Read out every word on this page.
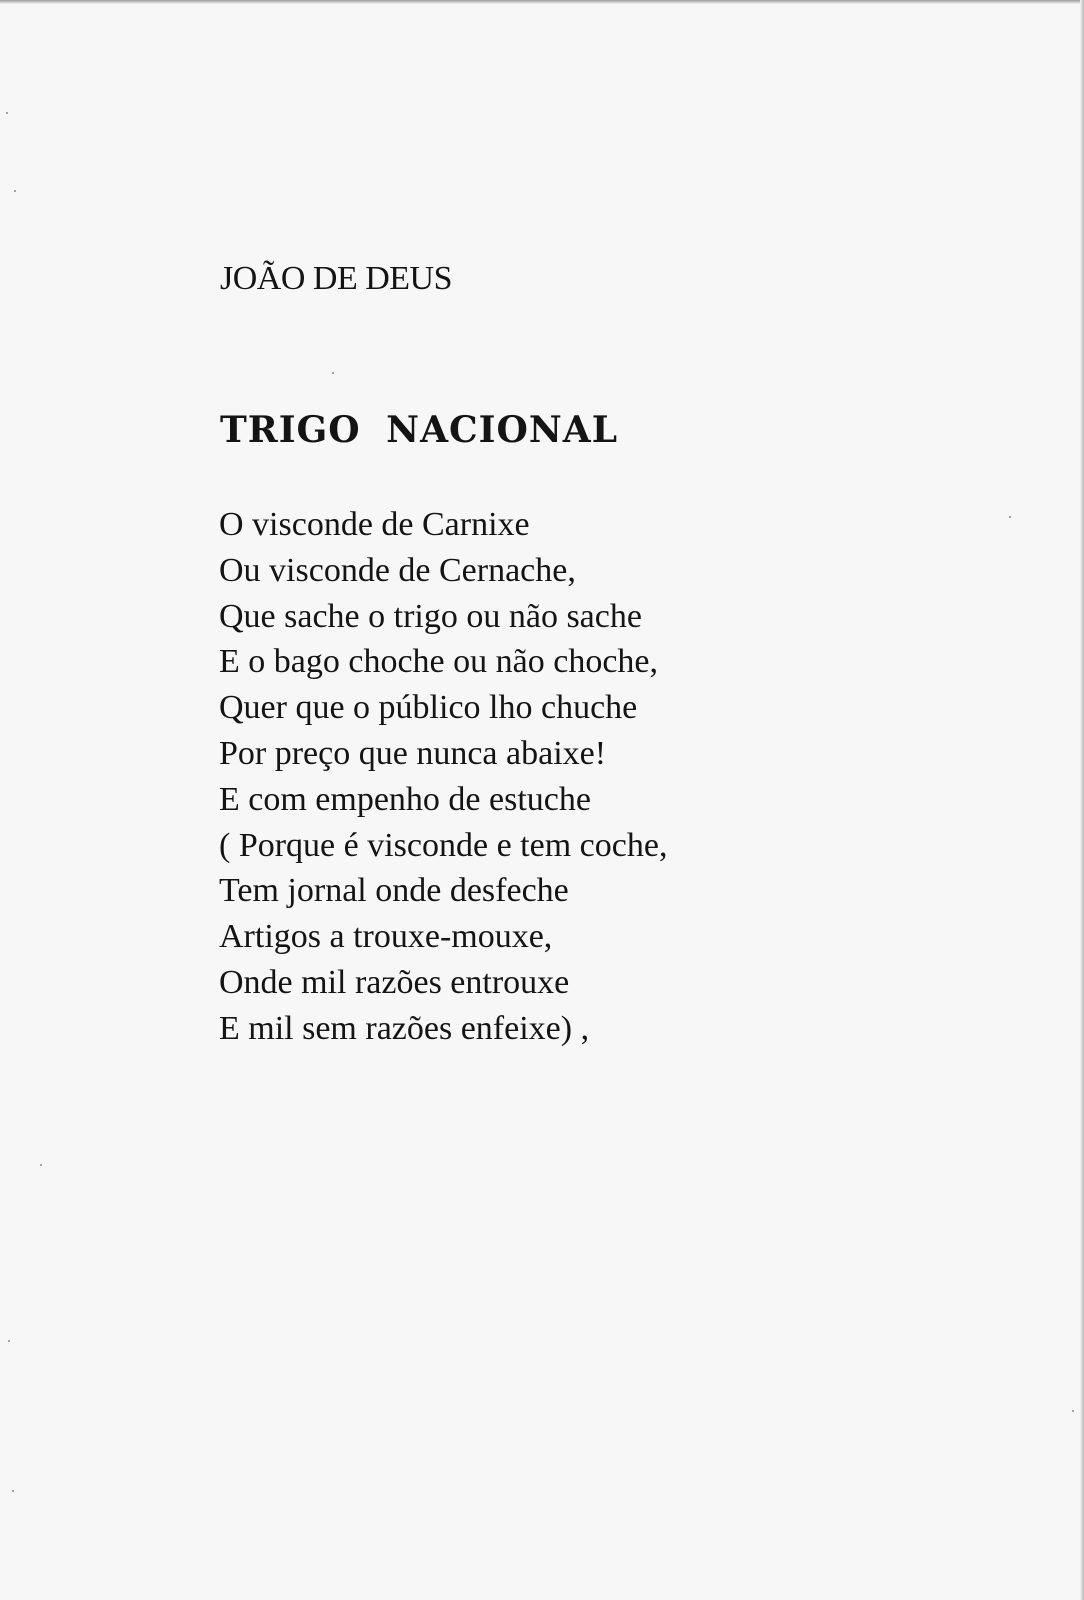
JOÃO DE DEUS
TRIGO NACIONAL
O visconde de Carnixe
Ou visconde de Cernache,
Que sache o trigo ou não sache
E o bago choche ou não choche,
Quer que o público lho chuche
Por preço que nunca abaixe!
E com empenho de estuche
( Porque é visconde e tem coche,
Tem jornal onde desfeche
Artigos a trouxe-mouxe,
Onde mil razões entrouxe
E mil sem razões enfeixe) ,
